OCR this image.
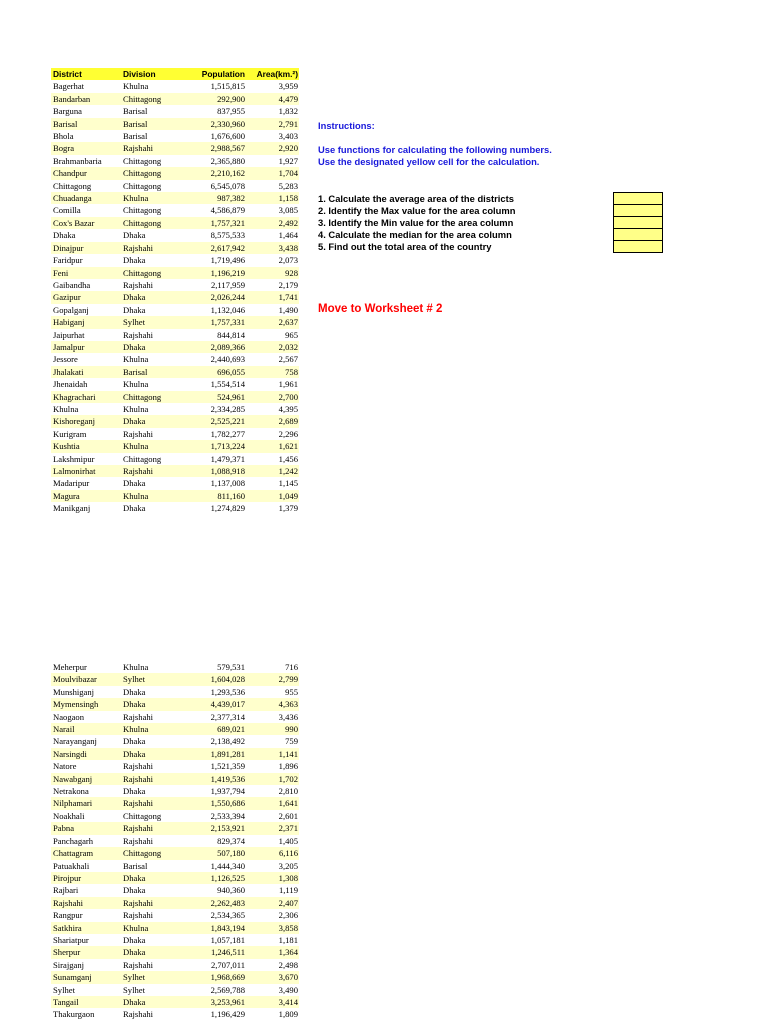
District	Division	Population	Area(km.²)
Bagerhat	Khulna	1,515,815	3,959
Bandarban	Chittagong	292,900	4,479
Barguna	Barisal	837,955	1,832
Barisal	Barisal	2,330,960	2,791
Bhola	Barisal	1,676,600	3,403
Bogra	Rajshahi	2,988,567	2,920
Brahmanbaria	Chittagong	2,365,880	1,927
Chandpur	Chittagong	2,210,162	1,704
Chittagong	Chittagong	6,545,078	5,283
Chuadanga	Khulna	987,382	1,158
Comilla	Chittagong	4,586,879	3,085
Cox's Bazar	Chittagong	1,757,321	2,492
Dhaka	Dhaka	8,575,533	1,464
Dinajpur	Rajshahi	2,617,942	3,438
Faridpur	Dhaka	1,719,496	2,073
Feni	Chittagong	1,196,219	928
Gaibandha	Rajshahi	2,117,959	2,179
Gazipur	Dhaka	2,026,244	1,741
Gopalganj	Dhaka	1,132,046	1,490
Habiganj	Sylhet	1,757,331	2,637
Jaipurhat	Rajshahi	844,814	965
Jamalpur	Dhaka	2,089,366	2,032
Jessore	Khulna	2,440,693	2,567
Jhalakati	Barisal	696,055	758
Jhenaidah	Khulna	1,554,514	1,961
Khagrachari	Chittagong	524,961	2,700
Khulna	Khulna	2,334,285	4,395
Kishoreganj	Dhaka	2,525,221	2,689
Kurigram	Rajshahi	1,782,277	2,296
Kushtia	Khulna	1,713,224	1,621
Lakshmipur	Chittagong	1,479,371	1,456
Lalmonirhat	Rajshahi	1,088,918	1,242
Madaripur	Dhaka	1,137,008	1,145
Magura	Khulna	811,160	1,049
Manikganj	Dhaka	1,274,829	1,379
Meherpur	Khulna	579,531	716
Moulvibazar	Sylhet	1,604,028	2,799
Munshiganj	Dhaka	1,293,536	955
Mymensingh	Dhaka	4,439,017	4,363
Naogaon	Rajshahi	2,377,314	3,436
Narail	Khulna	689,021	990
Narayanganj	Dhaka	2,138,492	759
Narsingdi	Dhaka	1,891,281	1,141
Natore	Rajshahi	1,521,359	1,896
Nawabganj	Rajshahi	1,419,536	1,702
Netrakona	Dhaka	1,937,794	2,810
Nilphamari	Rajshahi	1,550,686	1,641
Noakhali	Chittagong	2,533,394	2,601
Pabna	Rajshahi	2,153,921	2,371
Panchagarh	Rajshahi	829,374	1,405
Chattagram	Chittagong	507,180	6,116
Patuakhali	Barisal	1,444,340	3,205
Pirojpur	Dhaka	1,126,525	1,308
Rajbari	Dhaka	940,360	1,119
Rajshahi	Rajshahi	2,262,483	2,407
Rangpur	Rajshahi	2,534,365	2,306
Satkhira	Khulna	1,843,194	3,858
Shariatpur	Dhaka	1,057,181	1,181
Sherpur	Dhaka	1,246,511	1,364
Sirajganj	Rajshahi	2,707,011	2,498
Sunamganj	Sylhet	1,968,669	3,670
Sylhet	Sylhet	2,569,788	3,490
Tangail	Dhaka	3,253,961	3,414
Thakurgaon	Rajshahi	1,196,429	1,809
Instructions:
Use functions for calculating the following numbers.
Use the designated yellow cell for the calculation.
1. Calculate the average area of the districts
2. Identify the Max value for the area column
3. Identify the Min value for the area column
4. Calculate the median for the area column
5. Find out the total area of the country
Move to Worksheet # 2
